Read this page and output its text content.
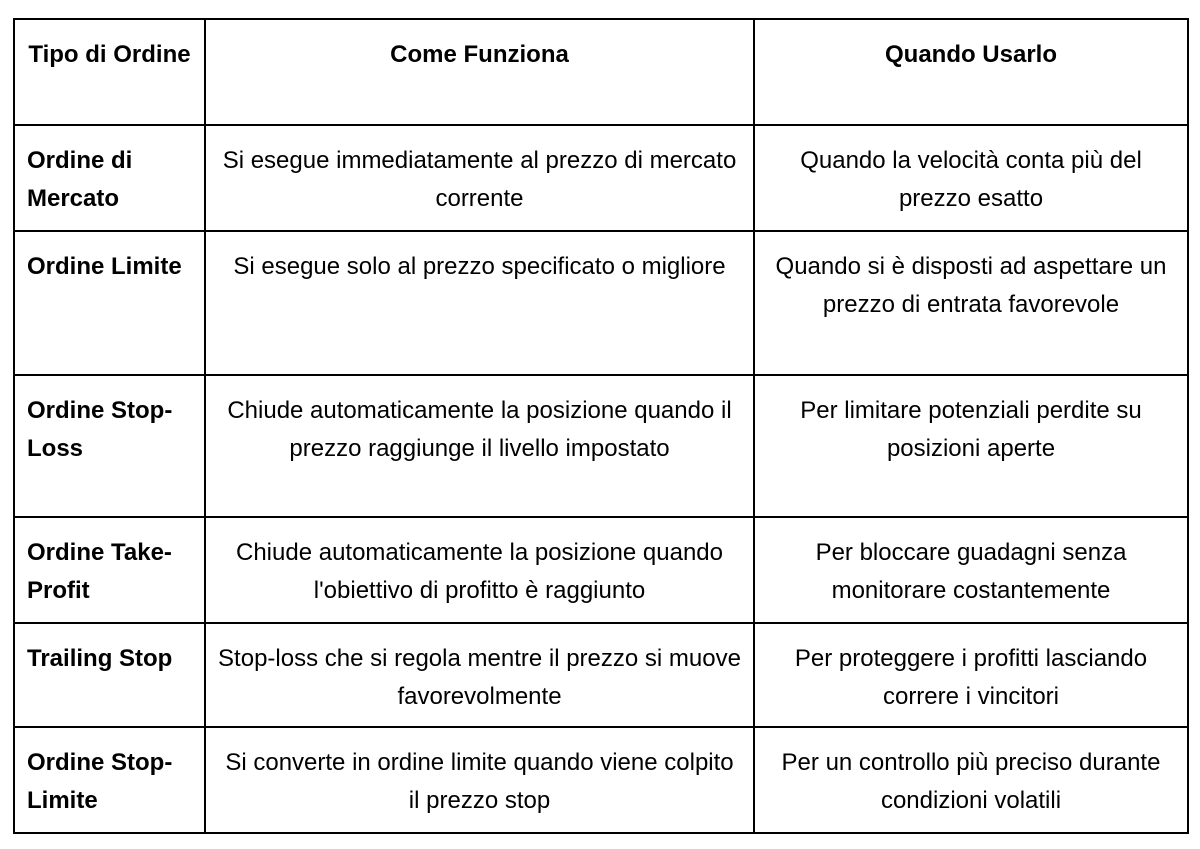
Tipo di Ordine	Come Funziona	Quando Usarlo
Ordine di Mercato	Si esegue immediatamente al prezzo di mercato corrente	Quando la velocità conta più del prezzo esatto
Ordine Limite	Si esegue solo al prezzo specificato o migliore	Quando si è disposti ad aspettare un prezzo di entrata favorevole
Ordine Stop-Loss	Chiude automaticamente la posizione quando il prezzo raggiunge il livello impostato	Per limitare potenziali perdite su posizioni aperte
Ordine Take-Profit	Chiude automaticamente la posizione quando l'obiettivo di profitto è raggiunto	Per bloccare guadagni senza monitorare costantemente
Trailing Stop	Stop-loss che si regola mentre il prezzo si muove favorevolmente	Per proteggere i profitti lasciando correre i vincitori
Ordine Stop-Limite	Si converte in ordine limite quando viene colpito il prezzo stop	Per un controllo più preciso durante condizioni volatili
